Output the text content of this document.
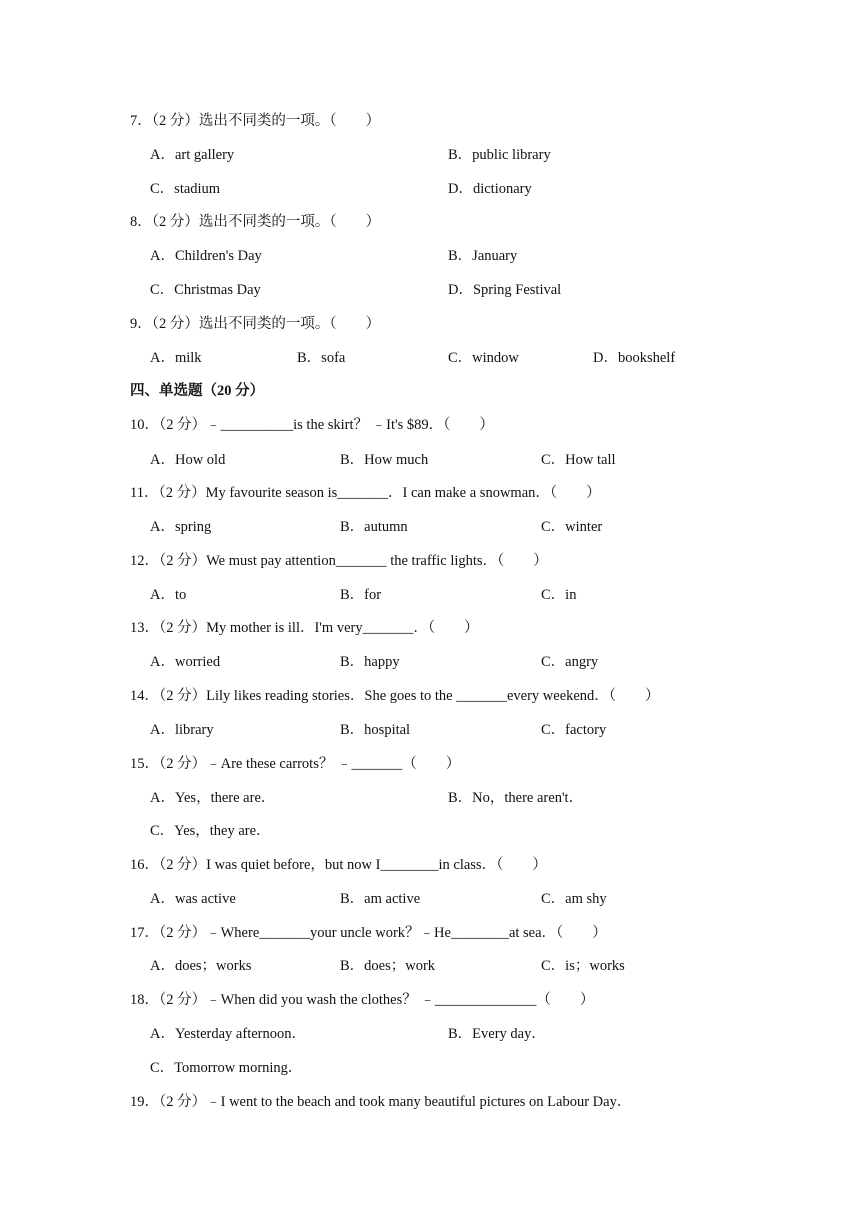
7．（2 分）选出不同类的一项。（　　）
A．art gallery	B．public library
C．stadium	D．dictionary
8．（2 分）选出不同类的一项。（　　）
A．Children's Day	B．January
C．Christmas Day	D．Spring Festival
9．（2 分）选出不同类的一项。（　　）
A．milk	B．sofa	C．window	D．bookshelf
四、单选题（20 分）
10．（2 分）﹣__________is the skirt？ ﹣It's $89．（　　）
A．How old	B．How much	C．How tall
11．（2 分）My favourite season is_______．I can make a snowman．（　　）
A．spring	B．autumn	C．winter
12．（2 分）We must pay attention_______ the traffic lights．（　　）
A．to	B．for	C．in
13．（2 分）My mother is ill．I'm very_______．（　　）
A．worried	B．happy	C．angry
14．（2 分）Lily likes reading stories．She goes to the _______every weekend．（　　）
A．library	B．hospital	C．factory
15．（2 分）﹣Are these carrots？ ﹣_______（　　）
A．Yes，there are．	B．No，there aren't．
C．Yes，they are．
16．（2 分）I was quiet before，but now I________in class．（　　）
A．was active	B．am active	C．am shy
17．（2 分）﹣Where_______your uncle work？﹣He________at sea．（　　）
A．does；works	B．does；work	C．is；works
18．（2 分）﹣When did you wash the clothes？ ﹣______________（　　）
A．Yesterday afternoon．	B．Every day．
C．Tomorrow morning．
19．（2 分）﹣I went to the beach and took many beautiful pictures on Labour Day．
